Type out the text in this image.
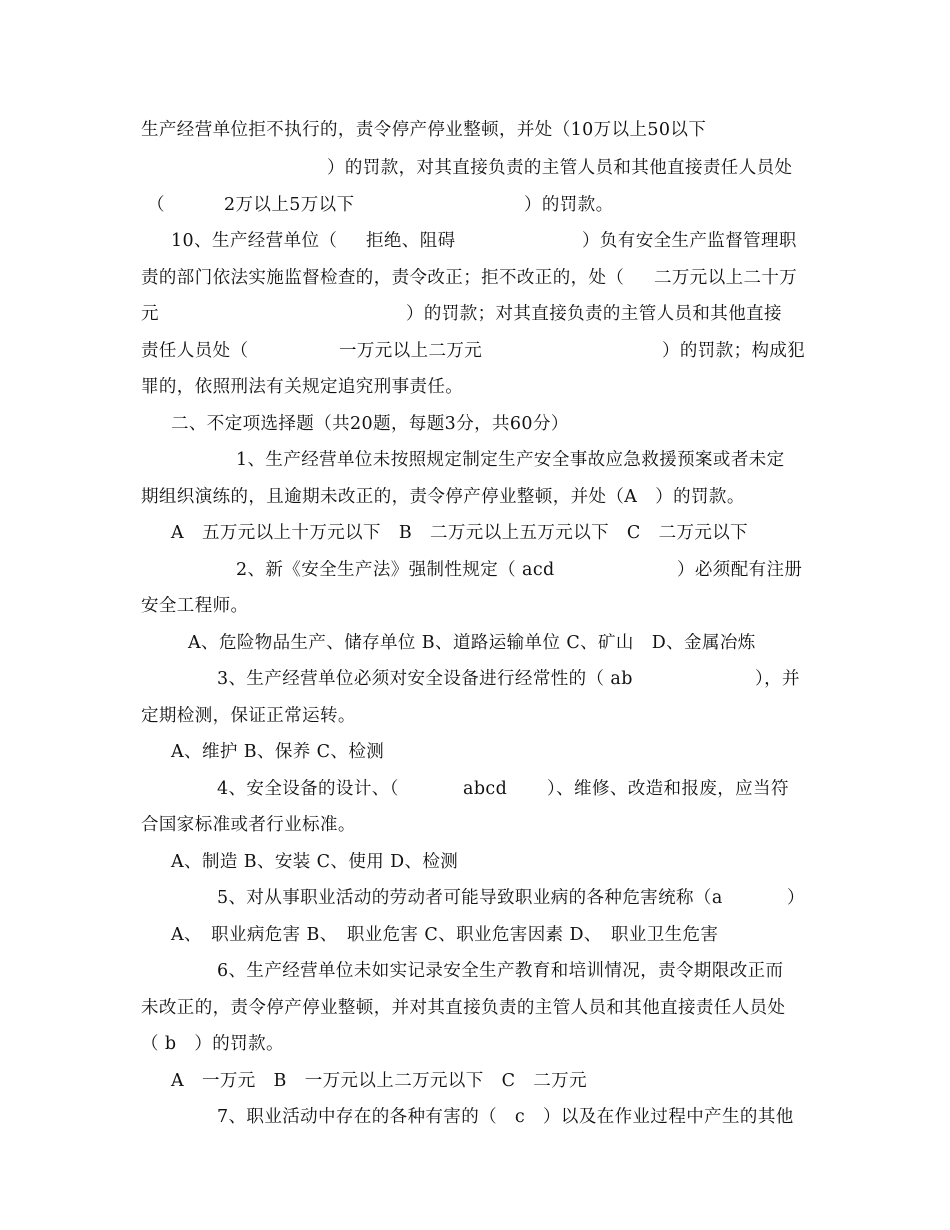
生产经营单位拒不执行的，责令停产停业整顿，并处（10万以上50以下
）的罚款，对其直接负责的主管人员和其他直接责任人员处
（	2万以上5万以下	）的罚款。
10、生产经营单位（ 拒绝、阻碍	）负有安全生产监督管理职
责的部门依法实施监督检查的，责令改正；拒不改正的，处（ 二万元以上二十万
元	）的罚款；对其直接负责的主管人员和其他直接
责任人员处（	一万元以上二万元	）的罚款；构成犯
罪的，依照刑法有关规定追究刑事责任。
二、不定项选择题（共20题，每题3分，共60分）
1、生产经营单位未按照规定制定生产安全事故应急救援预案或者未定
期组织演练的，且逾期未改正的，责令停产停业整顿，并处（A　）的罚款。
A　五万元以上十万元以下　B　二万元以上五万元以下　C　二万元以下
2、新《安全生产法》强制性规定（ acd	）必须配有注册
安全工程师。
A、危险物品生产、储存单位 B、道路运输单位 C、矿山　D、金属冶炼
3、生产经营单位必须对安全设备进行经常性的（ ab	），并
定期检测，保证正常运转。
A、维护 B、保养 C、检测
4、安全设备的设计、（	abcd ）、维修、改造和报废，应当符
合国家标准或者行业标准。
A、制造 B、安装 C、使用 D、检测
5、对从事职业活动的劳动者可能导致职业病的各种危害统称（a	）
A、　职业病危害 B、　职业危害 C、职业危害因素 D、　职业卫生危害
6、生产经营单位未如实记录安全生产教育和培训情况，责令期限改正而
未改正的，责令停产停业整顿，并对其直接负责的主管人员和其他直接责任人员处
（ b　）的罚款。
A　一万元　B　一万元以上二万元以下　C　二万元
7、职业活动中存在的各种有害的（　c　）以及在作业过程中产生的其他
